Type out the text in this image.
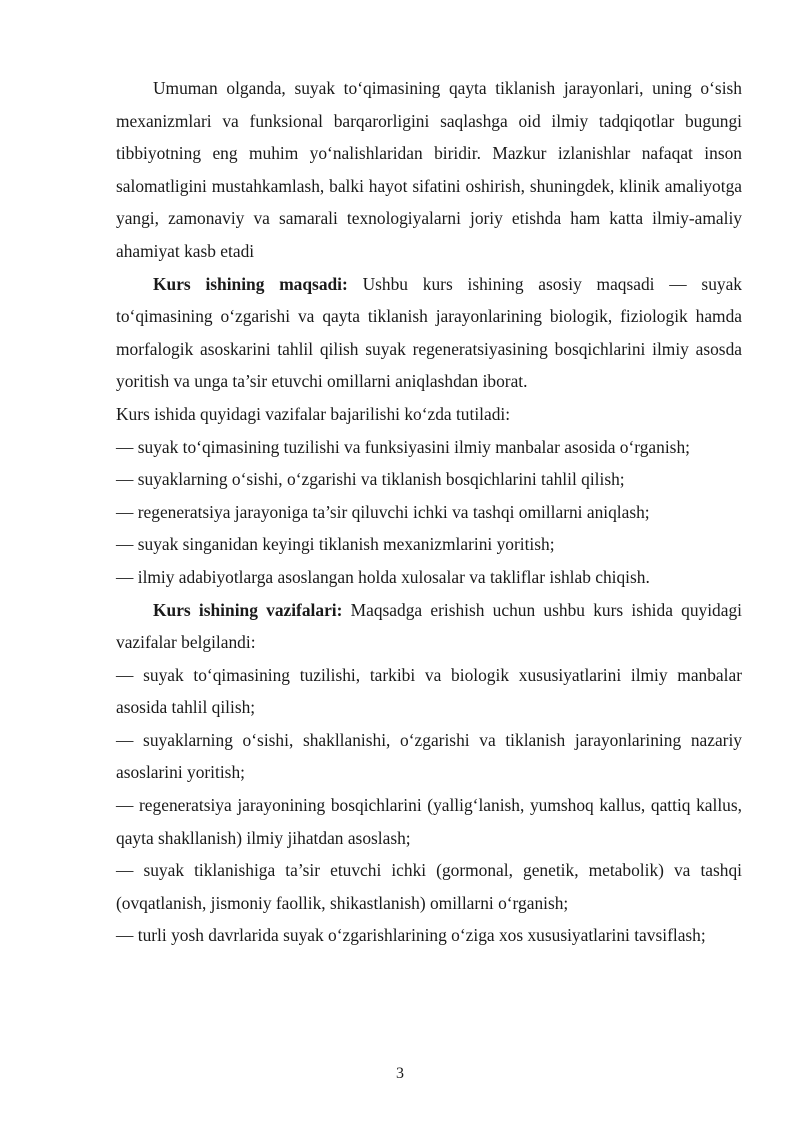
Umuman olganda, suyak to‘qimasining qayta tiklanish jarayonlari, uning o‘sish mexanizmlari va funksional barqarorligini saqlashga oid ilmiy tadqiqotlar bugungi tibbiyotning eng muhim yo‘nalishlaridan biridir. Mazkur izlanishlar nafaqat inson salomatligini mustahkamlash, balki hayot sifatini oshirish, shuningdek, klinik amaliyotga yangi, zamonaviy va samarali texnologiyalarni joriy etishda ham katta ilmiy-amaliy ahamiyat kasb etadi

Kurs ishining maqsadi: Ushbu kurs ishining asosiy maqsadi — suyak to‘qimasining o‘zgarishi va qayta tiklanish jarayonlarining biologik, fiziologik hamda morfalogik asoskarini tahlil qilish suyak regeneratsiyasining bosqichlarini ilmiy asosda yoritish va unga ta’sir etuvchi omillarni aniqlashdan iborat.

Kurs ishida quyidagi vazifalar bajarilishi ko‘zda tutiladi:

— suyak to‘qimasining tuzilishi va funksiyasini ilmiy manbalar asosida o‘rganish;

— suyaklarning o‘sishi, o‘zgarishi va tiklanish bosqichlarini tahlil qilish;

— regeneratsiya jarayoniga ta’sir qiluvchi ichki va tashqi omillarni aniqlash;

— suyak singanidan keyingi tiklanish mexanizmlarini yoritish;

— ilmiy adabiyotlarga asoslangan holda xulosalar va takliflar ishlab chiqish.

Kurs ishining vazifalari: Maqsadga erishish uchun ushbu kurs ishida quyidagi vazifalar belgilandi:

— suyak to‘qimasining tuzilishi, tarkibi va biologik xususiyatlarini ilmiy manbalar asosida tahlil qilish;

— suyaklarning o‘sishi, shakllanishi, o‘zgarishi va tiklanish jarayonlarining nazariy asoslarini yoritish;

— regeneratsiya jarayonining bosqichlarini (yallig‘lanish, yumshoq kallus, qattiq kallus, qayta shakllanish) ilmiy jihatdan asoslash;

— suyak tiklanishiga ta’sir etuvchi ichki (gormonal, genetik, metabolik) va tashqi (ovqatlanish, jismoniy faollik, shikastlanish) omillarni o‘rganish;

— turli yosh davrlarida suyak o‘zgarishlarining o‘ziga xos xususiyatlarini tavsiflash;

3
